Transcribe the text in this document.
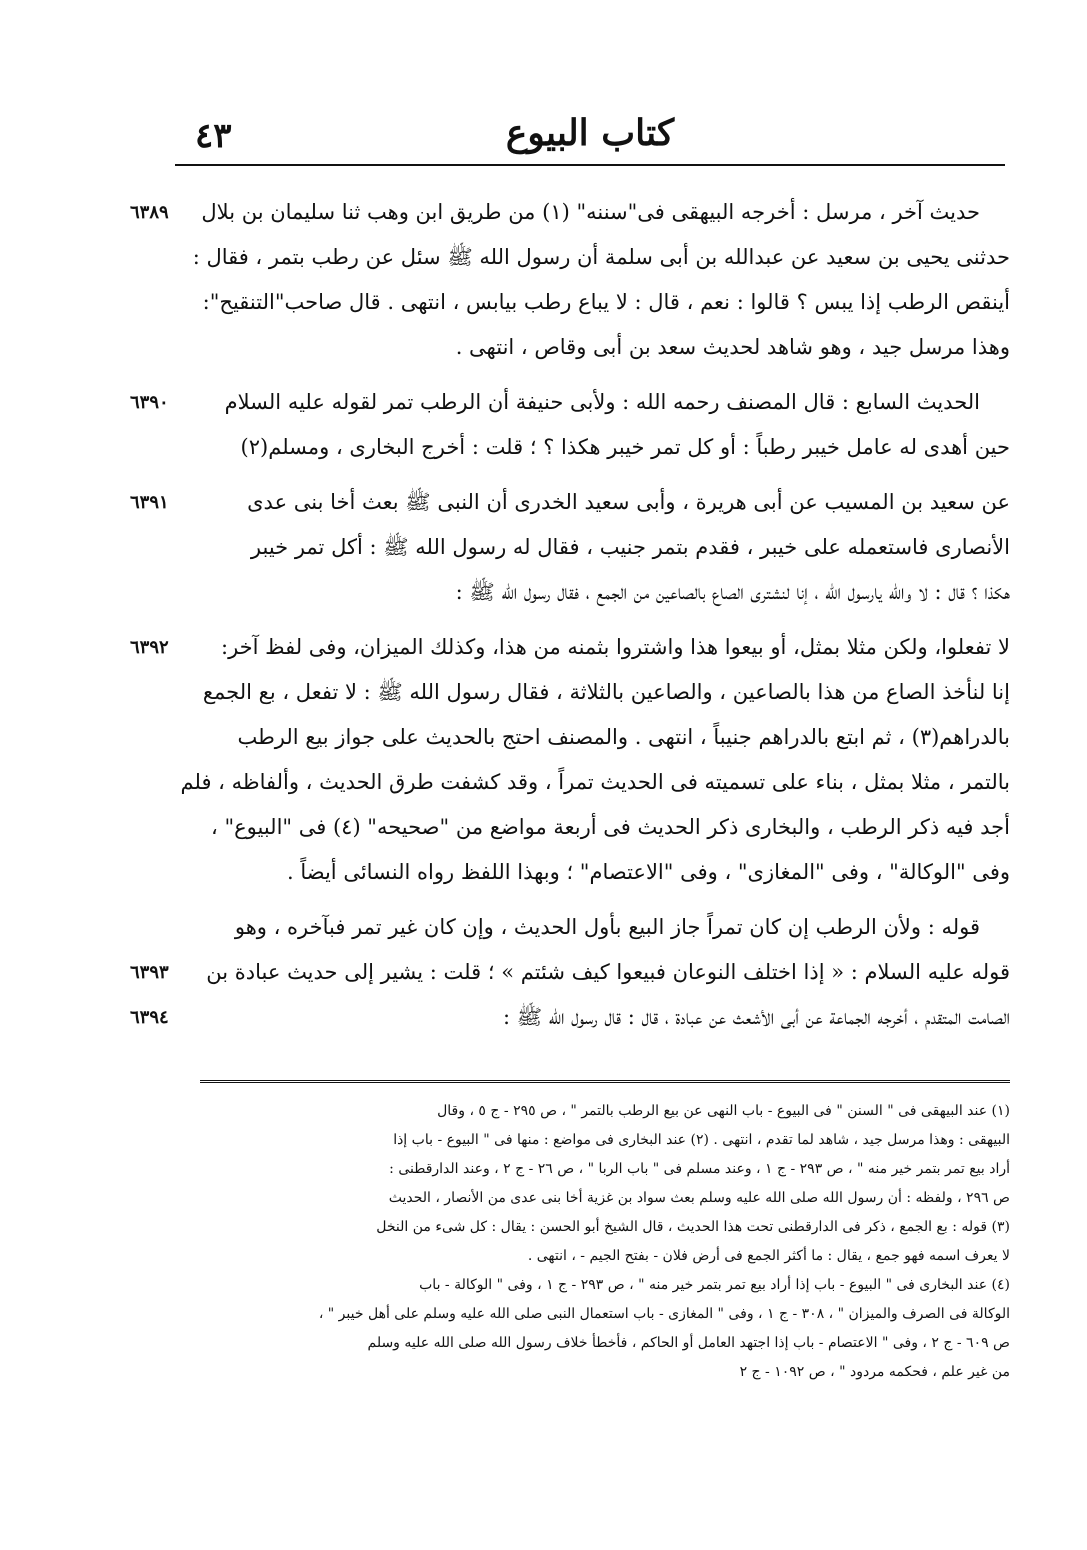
٤٣	كتاب البيوع
٦٣٨٩	حديث آخر ، مرسل : أخرجه البيهقى فى"سننه" (١) من طريق ابن وهب ثنا سليمان بن بلال
حدثنى يحيى بن سعيد عن عبدالله بن أبى سلمة أن رسول الله ﷺ سئل عن رطب بتمر ، فقال :
أينقص الرطب إذا يبس ؟ قالوا : نعم ، قال : لا يباع رطب بيابس ، انتهى . قال صاحب"التنقيح":
وهذا مرسل جيد ، وهو شاهد لحديث سعد بن أبى وقاص ، انتهى .
٦٣٩٠	الحديث السابع : قال المصنف رحمه الله : ولأبى حنيفة أن الرطب تمر لقوله عليه السلام
حين أهدى له عامل خيبر رطباً : أو كل تمر خيبر هكذا ؟ ؛ قلت : أخرج البخارى ، ومسلم(٢)
٦٣٩١	عن سعيد بن المسيب عن أبى هريرة ، وأبى سعيد الخدرى أن النبى ﷺ بعث أخا بنى عدى
الأنصارى فاستعمله على خيبر ، فقدم بتمر جنيب ، فقال له رسول الله ﷺ : أكل تمر خيبر
هكذا ؟ قال : لا والله يارسول الله ، إنا لنشترى الصاع بالصاعين من الجمع ، فقال رسول الله ﷺ :
٦٣٩٢	لا تفعلوا، ولكن مثلا بمثل، أو بيعوا هذا واشتروا بثمنه من هذا، وكذلك الميزان، وفى لفظ آخر:
إنا لنأخذ الصاع من هذا بالصاعين ، والصاعين بالثلاثة ، فقال رسول الله ﷺ : لا تفعل ، بع الجمع
بالدراهم(٣) ، ثم ابتع بالدراهم جنيباً ، انتهى . والمصنف احتج بالحديث على جواز بيع الرطب
بالتمر ، مثلا بمثل ، بناء على تسميته فى الحديث تمراً ، وقد كشفت طرق الحديث ، وألفاظه ، فلم
أجد فيه ذكر الرطب ، والبخارى ذكر الحديث فى أربعة مواضع من "صحيحه" (٤) فى "البيوع" ،
وفى "الوكالة" ، وفى "المغازى" ، وفى "الاعتصام" ؛ وبهذا اللفظ رواه النسائى أيضاً .
قوله : ولأن الرطب إن كان تمراً جاز البيع بأول الحديث ، وإن كان غير تمر فبآخره ، وهو
٦٣٩٣	قوله عليه السلام : « إذا اختلف النوعان فبيعوا كيف شئتم » ؛ قلت : يشير إلى حديث عبادة بن
٦٣٩٤	الصامت المتقدم ، أخرجه الجماعة عن أبى الأشعث عن عبادة ، قال : قال رسول الله ﷺ :
(١) عند البيهقى فى " السنن " فى البيوع - باب النهى عن بيع الرطب بالتمر " ، ص ٢٩٥ - ج ٥ ، وقال
البيهقى : وهذا مرسل جيد ، شاهد لما تقدم ، انتهى . (٢) عند البخارى فى مواضع : منها فى " البيوع - باب إذا
أراد بيع تمر بتمر خير منه " ، ص ٢٩٣ - ج ١ ، وعند مسلم فى " باب الربا " ، ص ٢٦ - ج ٢ ، وعند الدارقطنى :
ص ٢٩٦ ، ولفظه : أن رسول الله صلى الله عليه وسلم بعث سواد بن غزية أخا بنى عدى من الأنصار ، الحديث
(٣) قوله : بع الجمع ، ذكر فى الدارقطنى تحت هذا الحديث ، قال الشيخ أبو الحسن : يقال : كل شىء من النخل
لا يعرف اسمه فهو جمع ، يقال : ما أكثر الجمع فى أرض فلان - بفتح الجيم - ، انتهى .
(٤) عند البخارى فى " البيوع - باب إذا أراد بيع تمر بتمر خير منه " ، ص ٢٩٣ - ج ١ ، وفى " الوكالة - باب
الوكالة فى الصرف والميزان " ، ٣٠٨ - ج ١ ، وفى " المغازى - باب استعمال النبى صلى الله عليه وسلم على أهل خيبر " ،
ص ٦٠٩ - ج ٢ ، وفى " الاعتصام - باب إذا اجتهد العامل أو الحاكم ، فأخطأ خلاف رسول الله صلى الله عليه وسلم
من غير علم ، فحكمه مردود " ، ص ١٠٩٢ - ج ٢
